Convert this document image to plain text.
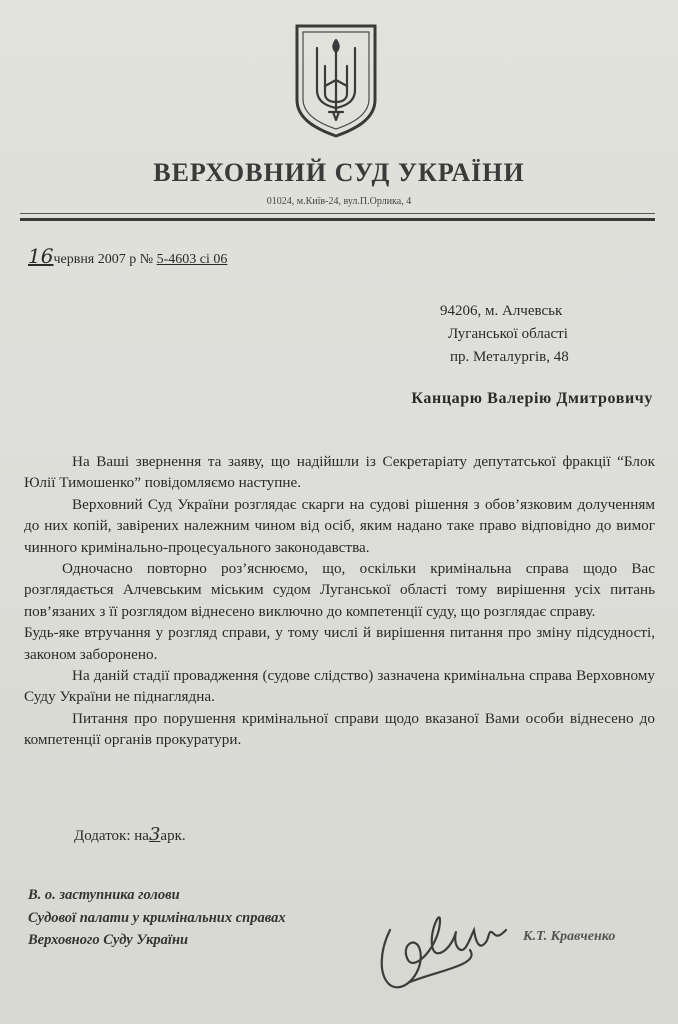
ВЕРХОВНИЙ СУД УКРАЇНИ
01024, м.Київ-24, вул.П.Орлика, 4
16червня 2007 р № 5-4603 сі 06
94206, м. Алчевськ
Луганської області
пр. Металургів, 48
Канцарю Валерію Дмитровичу

На Ваші звернення та заяву, що надійшли із Секретаріату депутатської фракції “Блок Юлії Тимошенко” повідомляємо наступне.

Верховний Суд України розглядає скарги на судові рішення з обов’язковим долученням до них копій, завірених належним чином від осіб, яким надано таке право відповідно до вимог чинного кримінально-процесуального законодавства.

Одночасно повторно роз’яснюємо, що, оскільки кримінальна справа щодо Вас розглядається Алчевським міським судом Луганської області тому вирішення усіх питань пов’язаних з її розглядом віднесено виключно до компетенції суду, що розглядає справу.

Будь-яке втручання у розгляд справи, у тому числі й вирішення питання про зміну підсудності, законом заборонено.

На даній стадії провадження (судове слідство) зазначена кримінальна справа Верховному Суду України не піднаглядна.

Питання про порушення кримінальної справи щодо вказаної Вами особи віднесено до компетенції органів прокуратури.

Додаток: на3арк.
В. о. заступника голови
Судової палати у кримінальних справах
Верховного Суду України	К.Т. Кравченко
